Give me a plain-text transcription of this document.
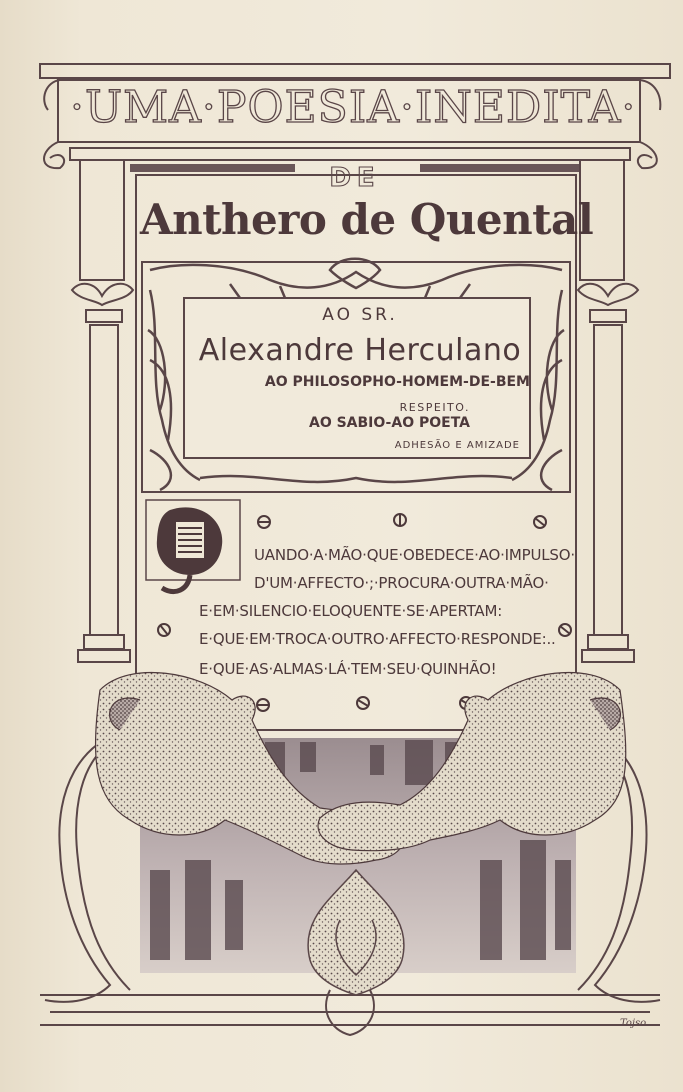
·UMA·POESIA·INEDITA·
DE
Anthero de Quental
AO SR.
Alexandre Herculano
AO PHILOSOPHO-HOMEM-DE-BEM
RESPEITO.
AO SABIO-AO POETA
ADHESÃO E AMIZADE
UANDO·A·MÃO·QUE·OBEDECE·AO·IMPULSO·
D'UM·AFFECTO·;·PROCURA·OUTRA·MÃO·
E·EM·SILENCIO·ELOQUENTE·SE·APERTAM:
E·QUE·EM·TROCA·OUTRO·AFFECTO·RESPONDE:..
E·QUE·AS·ALMAS·LÁ·TEM·SEU·QUINHÃO!
Tojso
